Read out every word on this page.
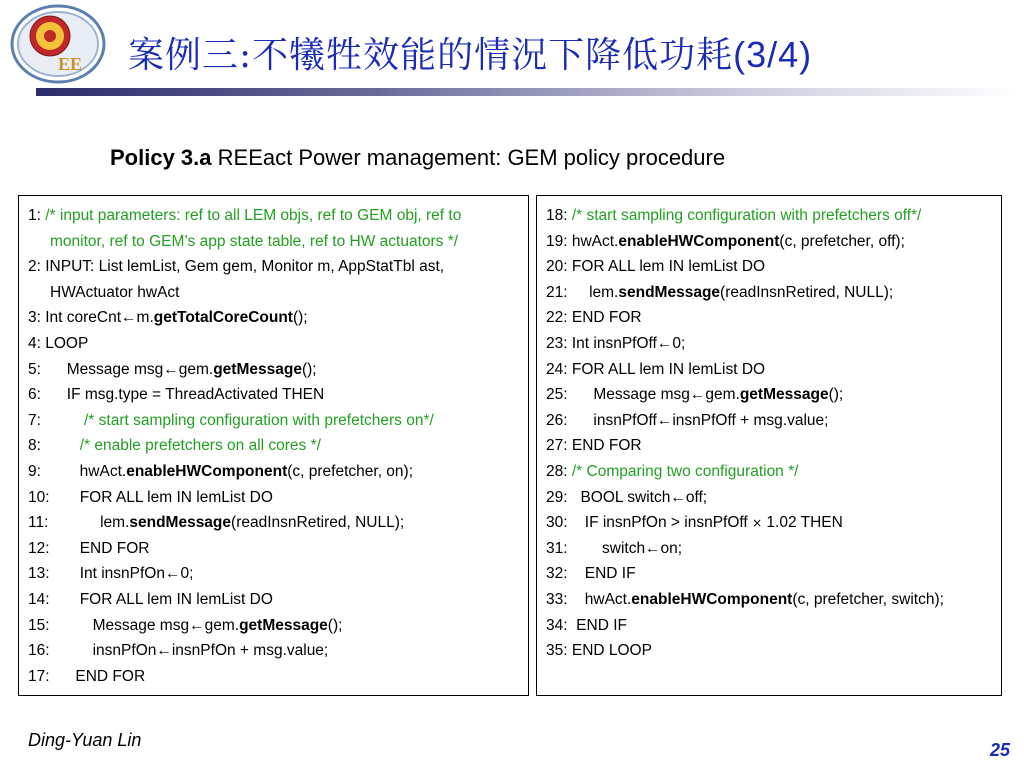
EE 案例三:不犧牲效能的情況下降低功耗(3/4)
Policy 3.a REEact Power management: GEM policy procedure
1: /* input parameters: ref to all LEM objs, ref to GEM obj, ref to
monitor, ref to GEM’s app state table, ref to HW actuators */
2: INPUT: List lemList, Gem gem, Monitor m, AppStatTbl ast,
HWActuator hwAct
3: Int coreCnt←m.getTotalCoreCount();
4: LOOP
5:      Message msg←gem.getMessage();
6:      IF msg.type = ThreadActivated THEN
7:          /* start sampling configuration with prefetchers on*/
8:         /* enable prefetchers on all cores */
9:         hwAct.enableHWComponent(c, prefetcher, on);
10:       FOR ALL lem IN lemList DO
11:            lem.sendMessage(readInsnRetired, NULL);
12:       END FOR
13:       Int insnPfOn←0;
14:       FOR ALL lem IN lemList DO
15:          Message msg←gem.getMessage();
16:          insnPfOn←insnPfOn + msg.value;
17:      END FOR
18: /* start sampling configuration with prefetchers off*/
19: hwAct.enableHWComponent(c, prefetcher, off);
20: FOR ALL lem IN lemList DO
21:     lem.sendMessage(readInsnRetired, NULL);
22: END FOR
23: Int insnPfOff←0;
24: FOR ALL lem IN lemList DO
25:      Message msg←gem.getMessage();
26:      insnPfOff←insnPfOff + msg.value;
27: END FOR
28: /* Comparing two configuration */
29:   BOOL switch←off;
30:    IF insnPfOn > insnPfOff × 1.02 THEN
31:        switch←on;
32:    END IF
33:    hwAct.enableHWComponent(c, prefetcher, switch);
34:  END IF
35: END LOOP
Ding-Yuan Lin	25
